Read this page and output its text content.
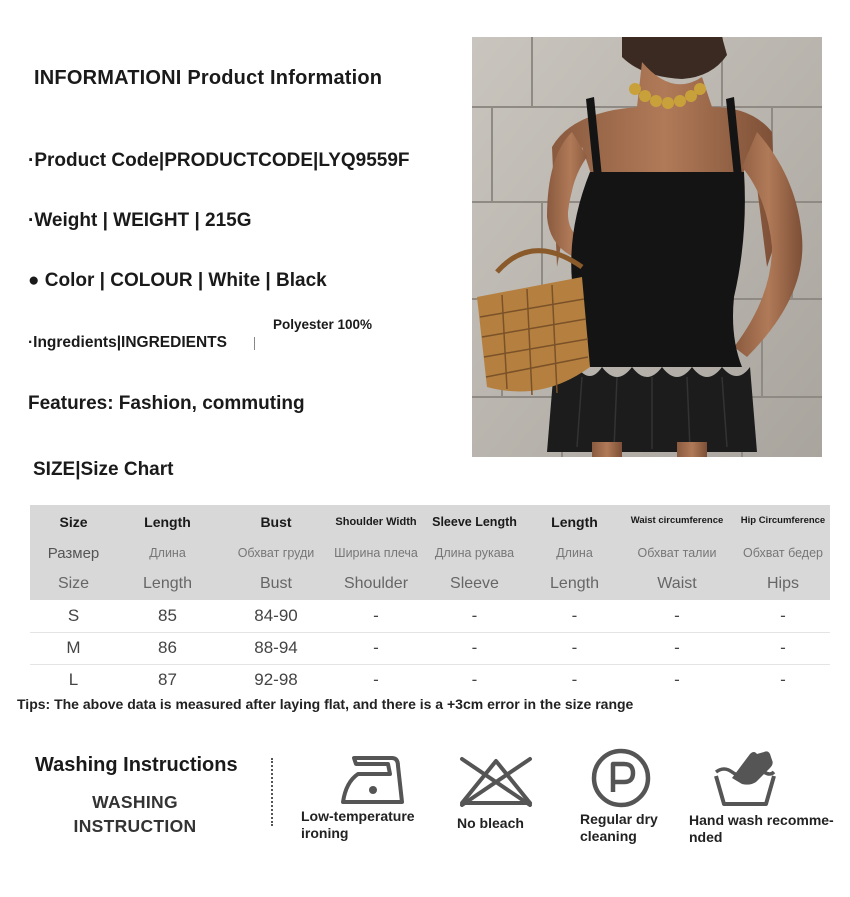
INFORMATIONI Product Information
·Product Code|PRODUCTCODE|LYQ9559F
·Weight | WEIGHT | 215G
● Color | COLOUR | White | Black
·Ingredients|INGREDIENTS
Polyester 100%
Features: Fashion, commuting
SIZE|Size Chart
Size	Length	Bust	Shoulder Width	Sleeve Length	Length	Waist circumference	Hip Circumference
Размер	Длина	Обхват груди	Ширина плеча	Длина рукава	Длина	Обхват талии	Обхват бедер
Size	Length	Bust	Shoulder	Sleeve	Length	Waist	Hips
S	85	84-90	-	-	-	-	-
M	86	88-94	-	-	-	-	-
L	87	92-98	-	-	-	-	-
Tips: The above data is measured after laying flat, and there is a +3cm error in the size range
Washing Instructions
WASHING
INSTRUCTION	Low-temperature
ironing
No bleach	Regular dry
cleaning
Hand wash recomme-
nded
